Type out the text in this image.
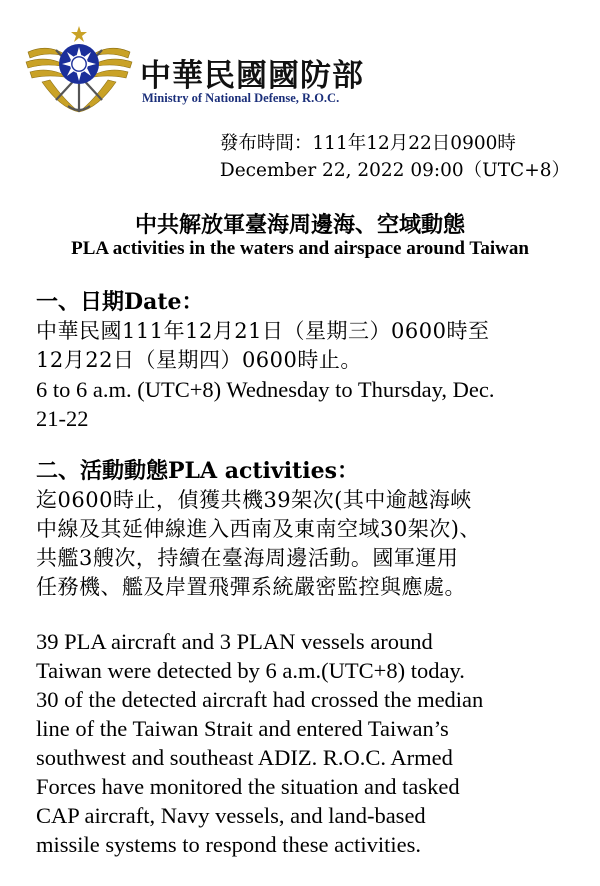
中華民國國防部
Ministry of National Defense, R.O.C.
發布時間：111年12月22日0900時
December 22, 2022 09:00（UTC+8）
中共解放軍臺海周邊海、空域動態
PLA activities in the waters and airspace around Taiwan
一、日期Date：
中華民國111年12月21日（星期三）0600時至
12月22日（星期四）0600時止。
6 to 6 a.m. (UTC+8) Wednesday to Thursday, Dec.
21-22
二、活動動態PLA activities：
迄0600時止，偵獲共機39架次(其中逾越海峽
中線及其延伸線進入西南及東南空域30架次)、
共艦3艘次，持續在臺海周邊活動。國軍運用
任務機、艦及岸置飛彈系統嚴密監控與應處。
39 PLA aircraft and 3 PLAN vessels around
Taiwan were detected by 6 a.m.(UTC+8) today.
30 of the detected aircraft had crossed the median
line of the Taiwan Strait and entered Taiwan’s
southwest and southeast ADIZ. R.O.C. Armed
Forces have monitored the situation and tasked
CAP aircraft, Navy vessels, and land-based
missile systems to respond these activities.
